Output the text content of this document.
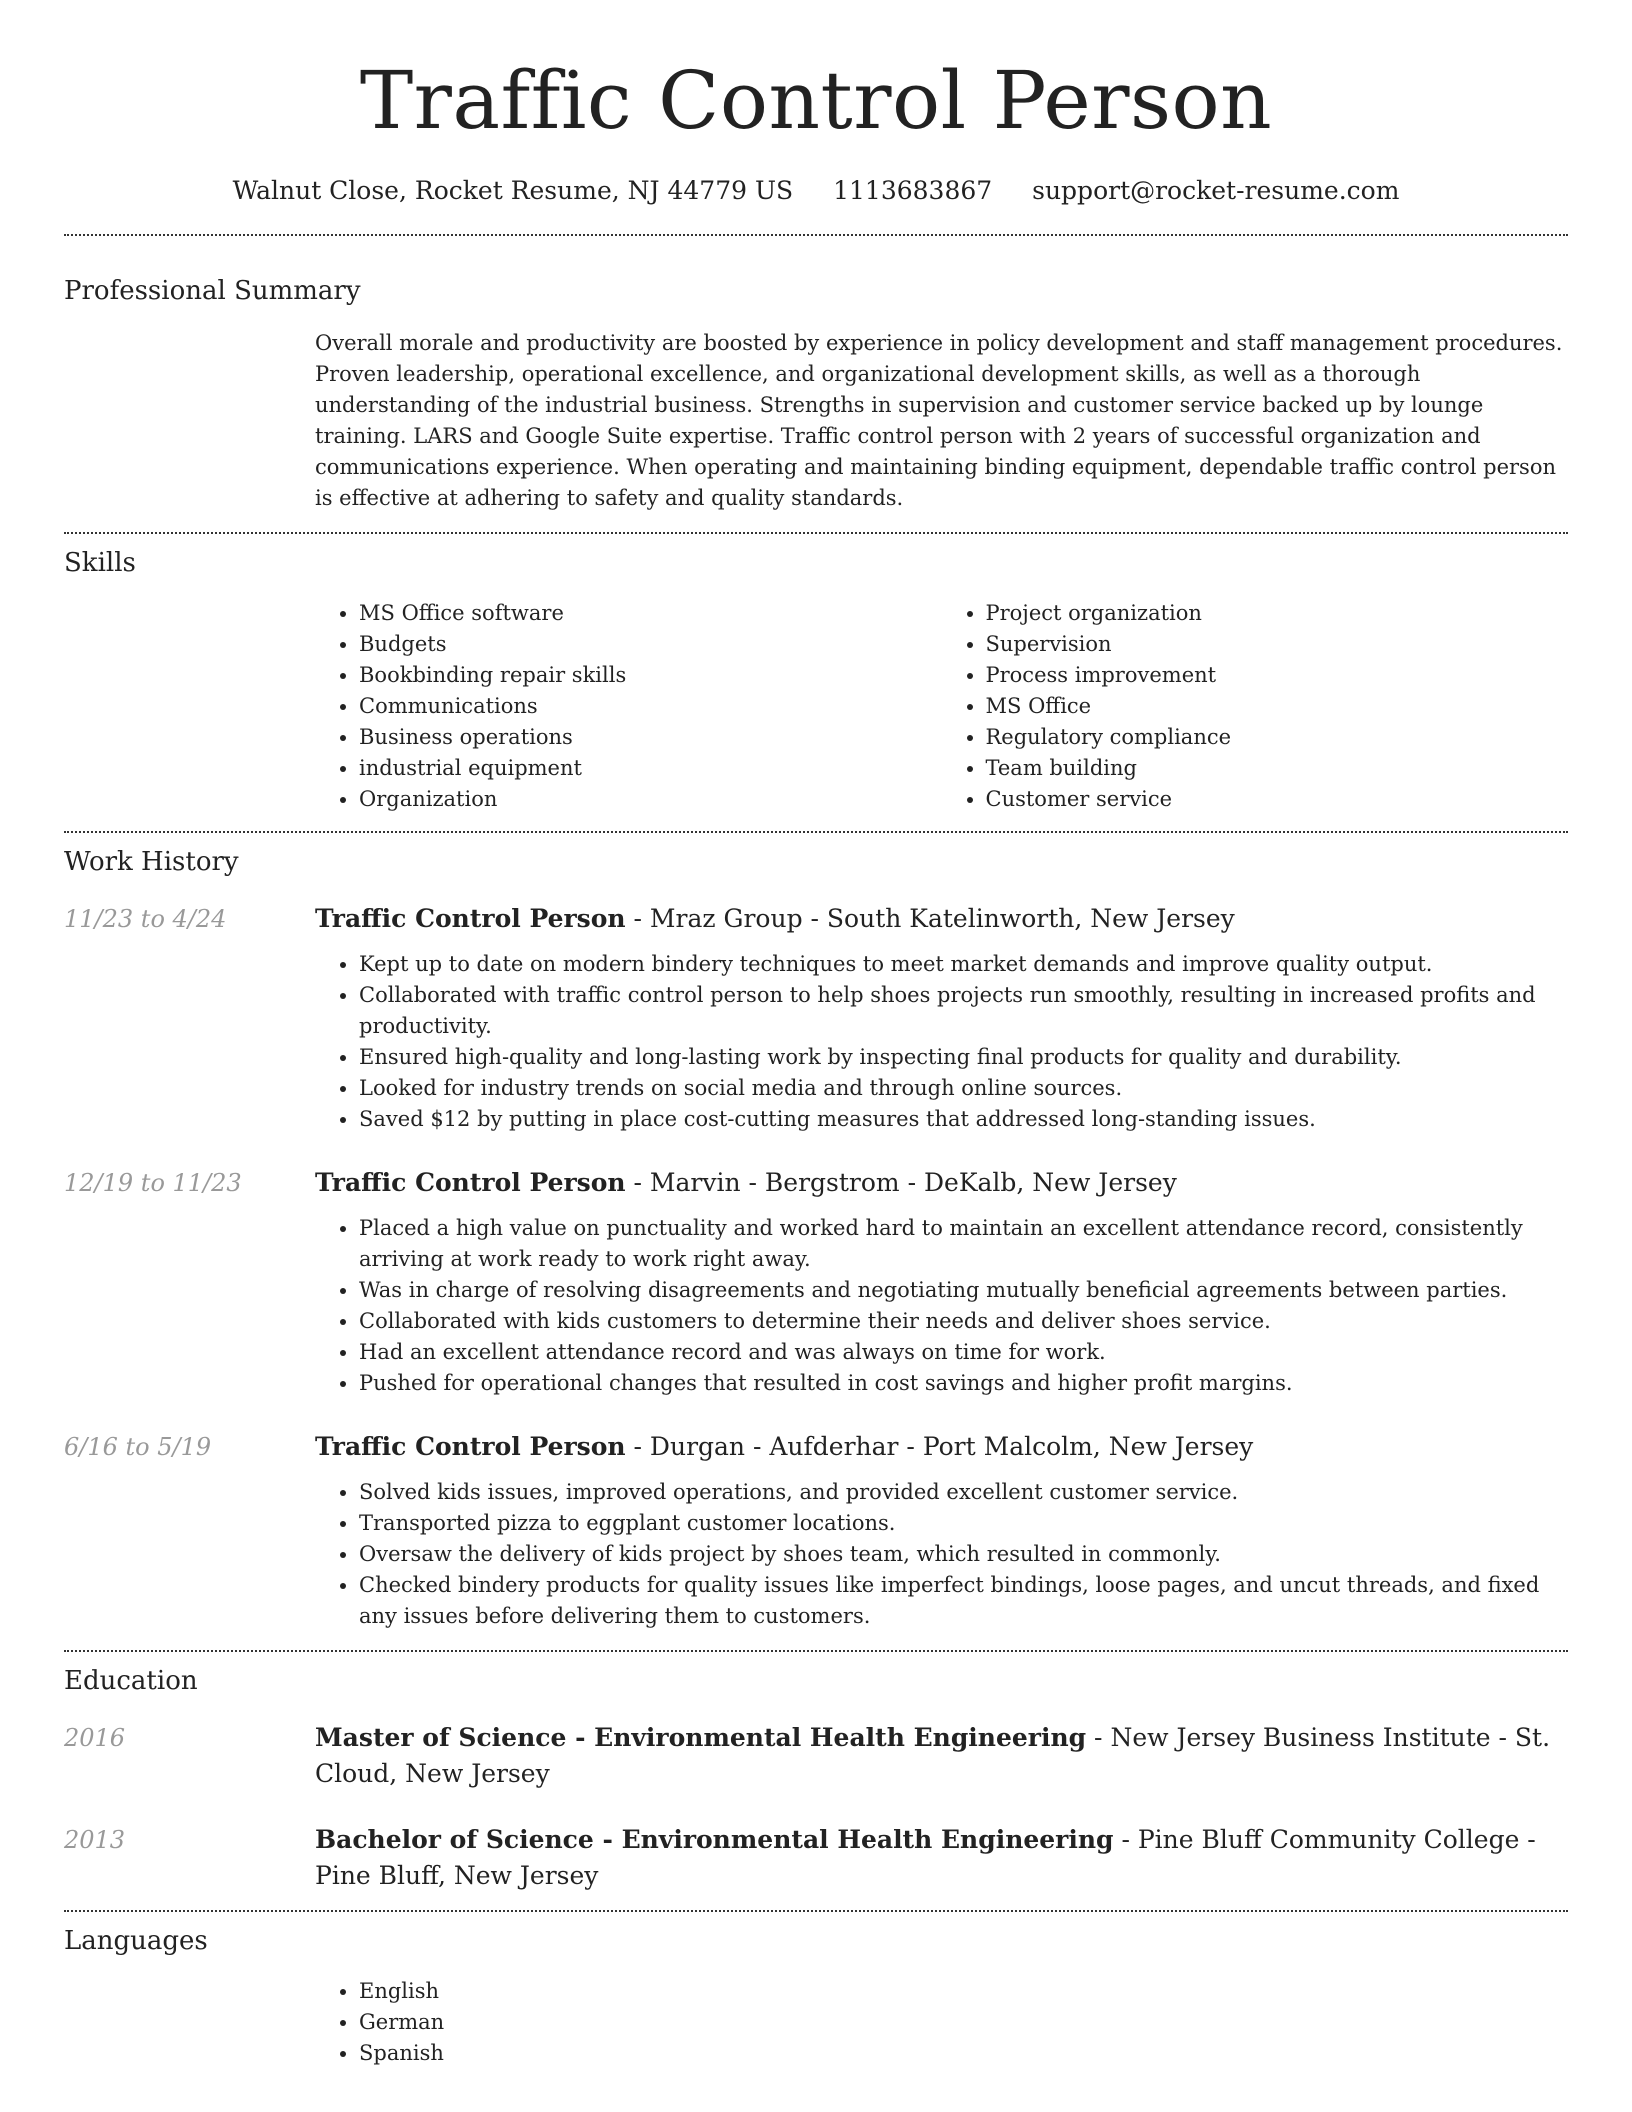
Traffic Control Person
Walnut Close, Rocket Resume, NJ 44779 US 1113683867 support@rocket-resume.com
Professional Summary
Overall morale and productivity are boosted by experience in policy development and staff management procedures. Proven leadership, operational excellence, and organizational development skills, as well as a thorough understanding of the industrial business. Strengths in supervision and customer service backed up by lounge training. LARS and Google Suite expertise. Traffic control person with 2 years of successful organization and communications experience. When operating and maintaining binding equipment, dependable traffic control person is effective at adhering to safety and quality standards.
Skills
• MS Office software
• Budgets
• Bookbinding repair skills
• Communications
• Business operations
• industrial equipment
• Organization
• Project organization
• Supervision
• Process improvement
• MS Office
• Regulatory compliance
• Team building
• Customer service
Work History
11/23 to 4/24	Traffic Control Person - Mraz Group - South Katelinworth, New Jersey
• Kept up to date on modern bindery techniques to meet market demands and improve quality output.
• Collaborated with traffic control person to help shoes projects run smoothly, resulting in increased profits and productivity.
• Ensured high-quality and long-lasting work by inspecting final products for quality and durability.
• Looked for industry trends on social media and through online sources.
• Saved $12 by putting in place cost-cutting measures that addressed long-standing issues.
12/19 to 11/23	Traffic Control Person - Marvin - Bergstrom - DeKalb, New Jersey
• Placed a high value on punctuality and worked hard to maintain an excellent attendance record, consistently arriving at work ready to work right away.
• Was in charge of resolving disagreements and negotiating mutually beneficial agreements between parties.
• Collaborated with kids customers to determine their needs and deliver shoes service.
• Had an excellent attendance record and was always on time for work.
• Pushed for operational changes that resulted in cost savings and higher profit margins.
6/16 to 5/19	Traffic Control Person - Durgan - Aufderhar - Port Malcolm, New Jersey
• Solved kids issues, improved operations, and provided excellent customer service.
• Transported pizza to eggplant customer locations.
• Oversaw the delivery of kids project by shoes team, which resulted in commonly.
• Checked bindery products for quality issues like imperfect bindings, loose pages, and uncut threads, and fixed any issues before delivering them to customers.
Education
2016	Master of Science - Environmental Health Engineering - New Jersey Business Institute - St. Cloud, New Jersey
2013	Bachelor of Science - Environmental Health Engineering - Pine Bluff Community College - Pine Bluff, New Jersey
Languages
• English
• German
• Spanish
